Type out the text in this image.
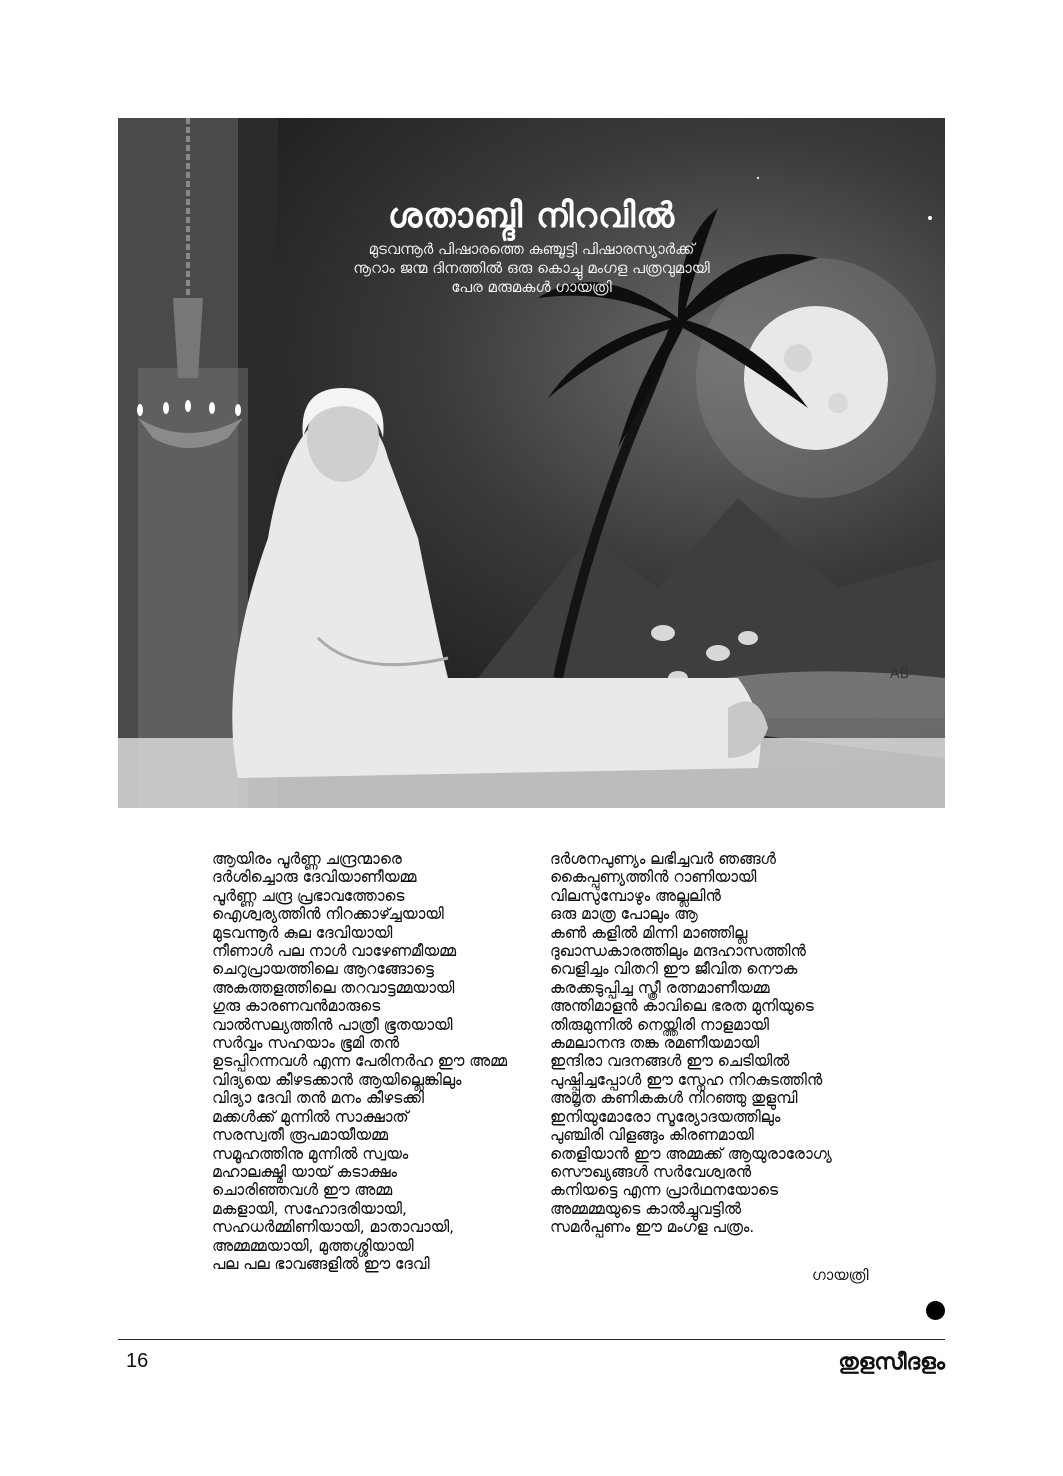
AB
ശതാബ്ദി നിറവിൽ
മുടവന്നൂർ പിഷാരത്തെ കുഞ്ചൂട്ടി പിഷാരസ്യാർക്ക്
നൂറാം ജന്മ ദിനത്തിൽ ഒരു കൊച്ചു മംഗള പത്രവുമായി
പേര മരുമകൾ ഗായത്രി
ആയിരം പൂർണ്ണ ചന്ദ്രന്മാരെ
ദർശിച്ചൊരു ദേവിയാണീയമ്മ
പൂർണ്ണ ചന്ദ്ര പ്രഭാവത്തോടെ
ഐശ്വര്യത്തിൻ നിറക്കാഴ്ച്ചയായി
മുടവന്നൂർ കുല ദേവിയായി
നീണാൾ പല നാൾ വാഴേണമീയമ്മ
ചെറുപ്രായത്തിലെ ആറങ്ങോട്ടെ
അകത്തളത്തിലെ തറവാട്ടമ്മയായി
ഗുരു കാരണവൻമാരുടെ
വാൽസല്യത്തിൻ പാത്രീ ഭൂതയായി
സർവ്വം സഹയാം ഭൂമി തൻ
ഉടപ്പിറന്നവൾ എന്ന പേരിനർഹ ഈ അമ്മ
വിദ്യയെ കീഴടക്കാൻ ആയില്ലെങ്കിലും
വിദ്യാ ദേവി തൻ മനം കീഴടക്കി
മക്കൾക്ക് മുന്നിൽ സാക്ഷാത്
സരസ്വതീ രൂപമായീയമ്മ
സമൂഹത്തിനു മുന്നിൽ സ്വയം
മഹാലക്ഷ്മി യായ് കടാക്ഷം
ചൊരിഞ്ഞവൾ ഈ അമ്മ
മകളായി, സഹോദരിയായി,
സഹധർമ്മിണിയായി, മാതാവായി,
അമ്മമ്മയായി, മുത്തശ്ശിയായി
പല പല ഭാവങ്ങളിൽ ഈ ദേവി
ദർശനപുണ്യം ലഭിച്ചവർ ഞങ്ങൾ
കൈപ്പുണ്യത്തിൻ റാണിയായി
വിലസുമ്പോഴും അല്ലലിൻ
ഒരു മാത്ര പോലും ആ
കൺ കളിൽ മിന്നി മാഞ്ഞില്ല
ദുഖാന്ധകാരത്തിലും മന്ദഹാസത്തിൻ
വെളിച്ചം വിതറി ഈ ജീവിത നൌക
കരക്കടുപ്പിച്ച സ്ത്രീ രത്നമാണീയമ്മ
അന്തിമാളൻ കാവിലെ ഭരത മുനിയുടെ
തിരുമുന്നിൽ നെയ്ത്തിരി നാളമായി
കമലാനന്ദ തങ്ക രമണീയമായി
ഇന്ദിരാ വദനങ്ങൾ ഈ ചെടിയിൽ
പുഷ്പ്പിച്ചപ്പോൾ ഈ സ്നേഹ നിറകുടത്തിൻ
അമൃത കണികകൾ നിറഞ്ഞു തുളുമ്പി
ഇനിയുമോരോ സൂര്യോദയത്തിലും
പുഞ്ചിരി വിളങ്ങും കിരണമായി
തെളിയാൻ ഈ അമ്മക്ക് ആയുരാരോഗ്യ
സൌഖ്യങ്ങൾ സർവേശ്വരൻ
കനിയട്ടെ എന്ന പ്രാർഥനയോടെ
അമ്മമ്മയുടെ കാൽച്ചുവട്ടിൽ
സമർപ്പണം ഈ മംഗള പത്രം.
ഗായത്രി
16	തുളസീദളം
